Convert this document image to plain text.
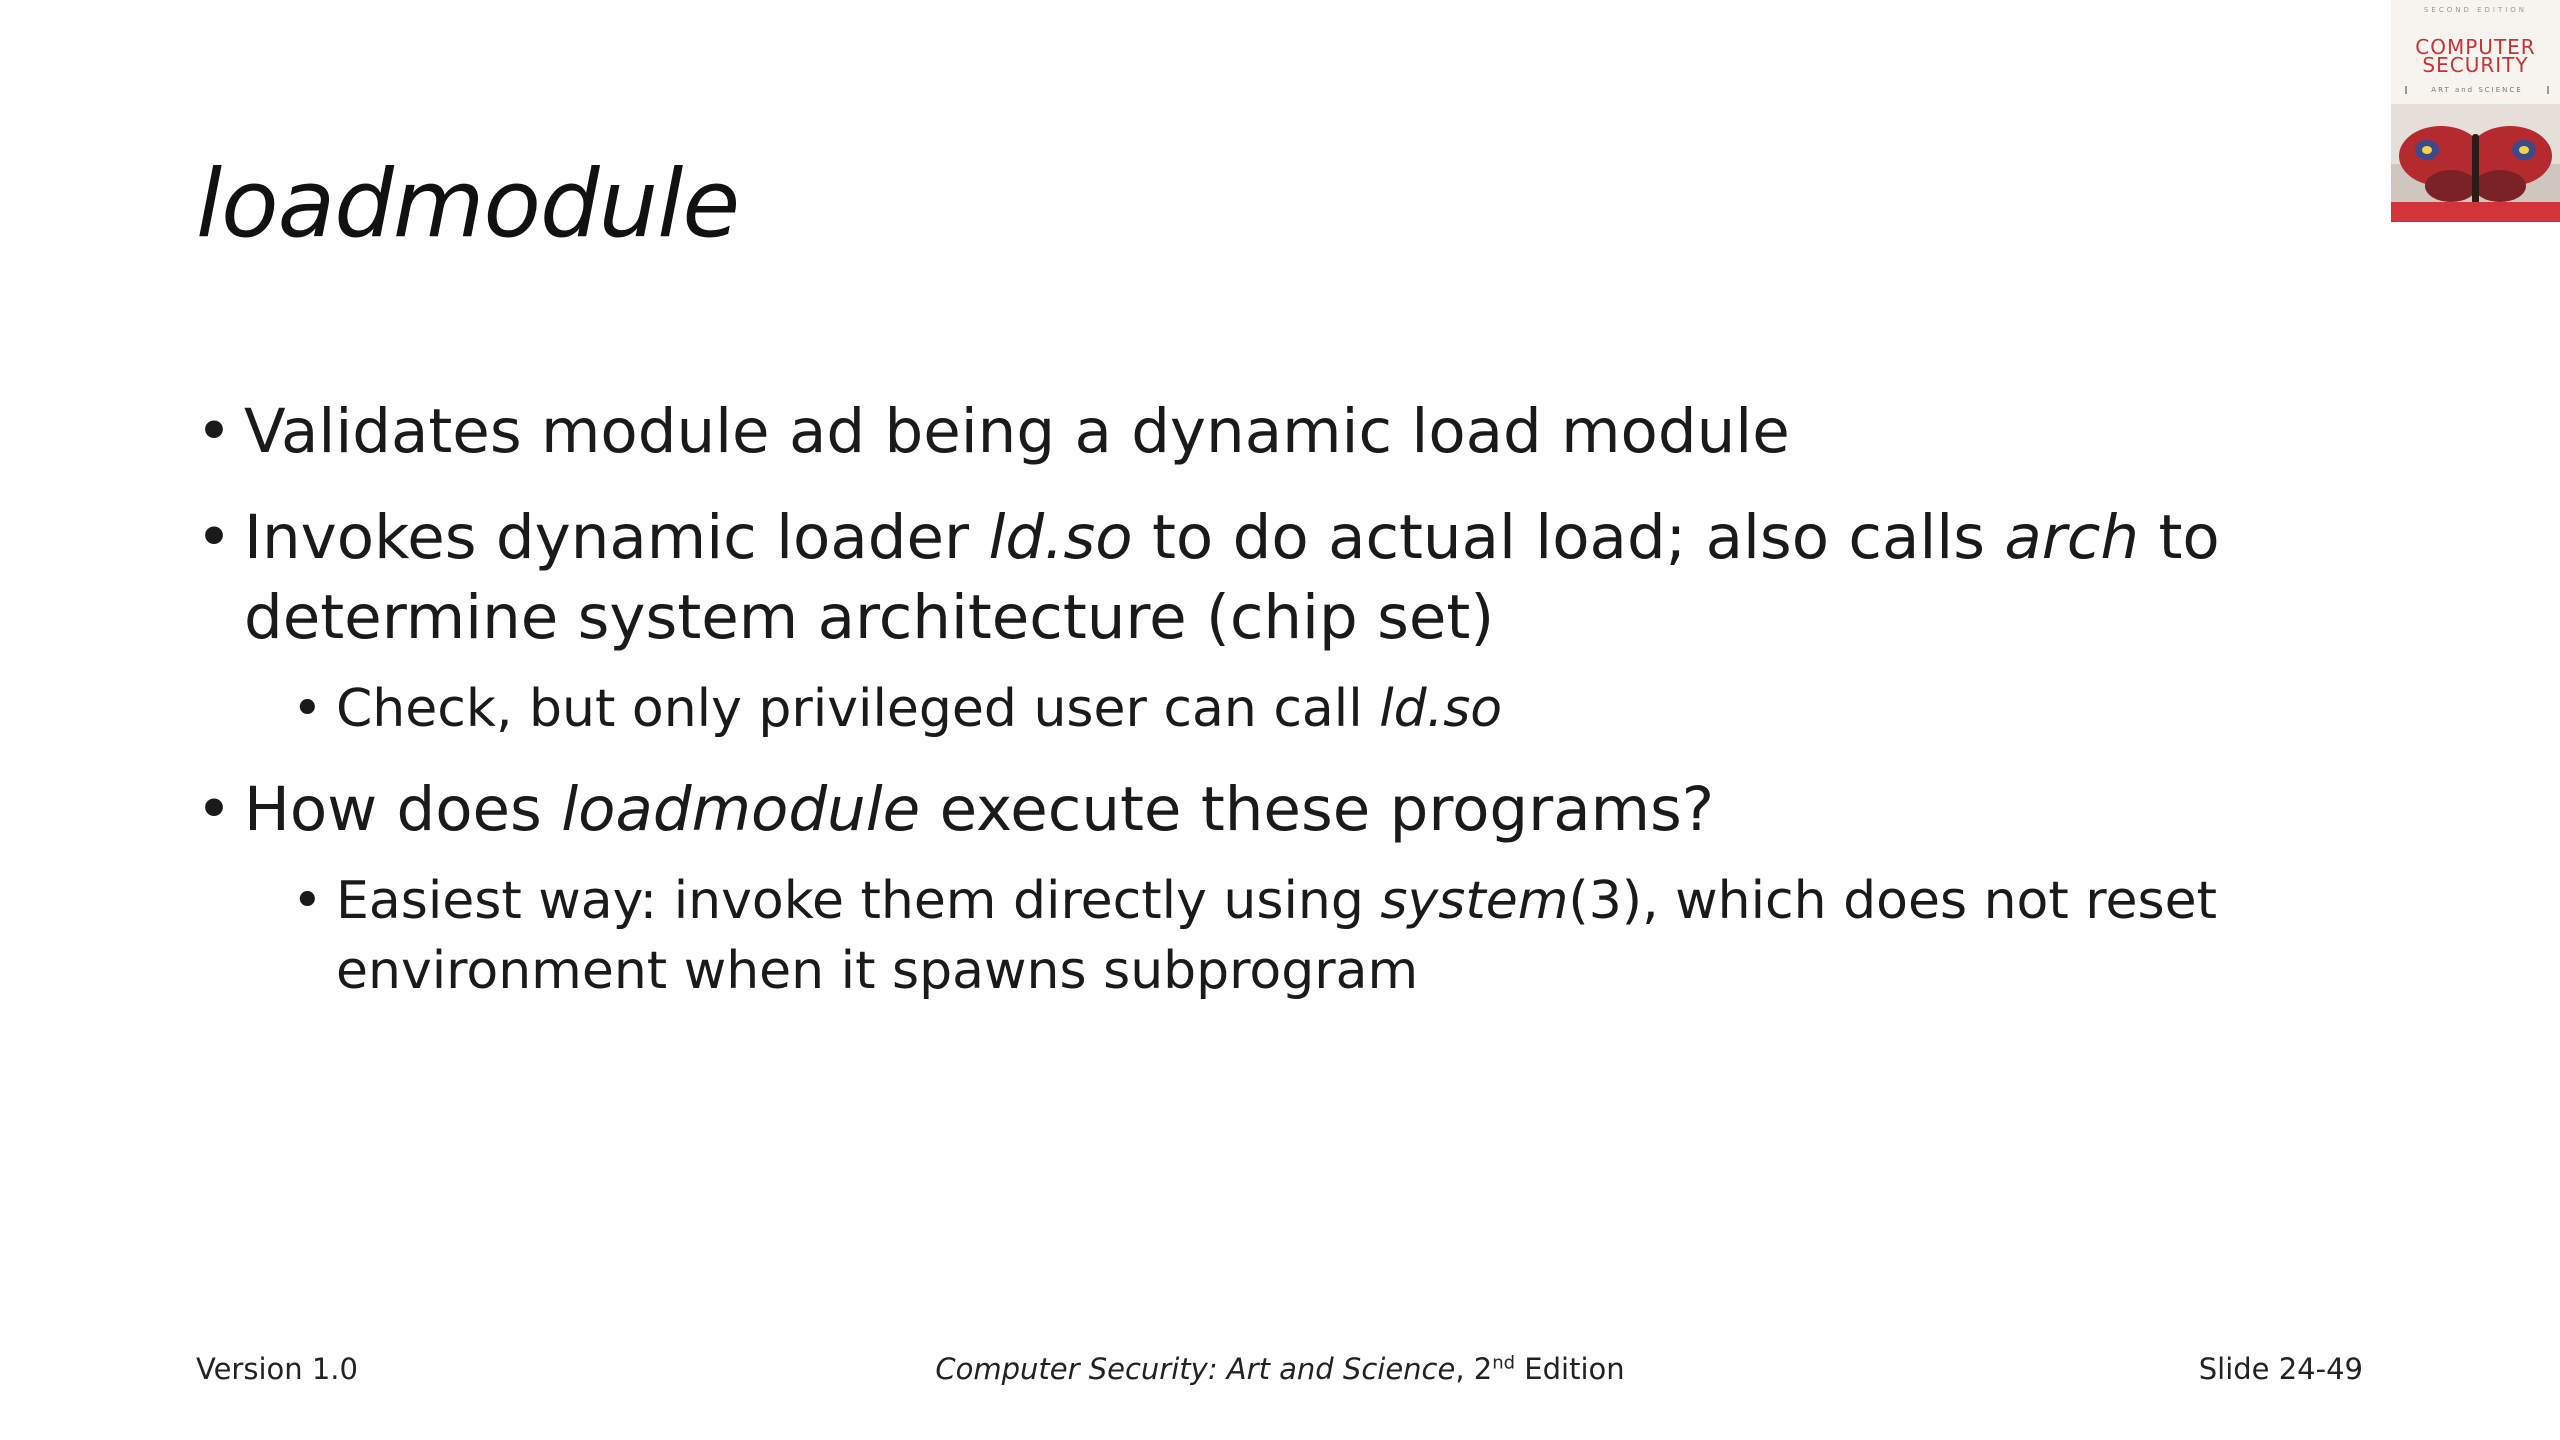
loadmodule

• Validates module ad being a dynamic load module

• Invokes dynamic loader ld.so to do actual load; also calls arch to determine system architecture (chip set)

• Check, but only privileged user can call ld.so

• How does loadmodule execute these programs?

• Easiest way: invoke them directly using system(3), which does not reset environment when it spawns subprogram

Version 1.0	Computer Security: Art and Science, 2nd Edition	Slide 24-49
SECOND EDITION
COMPUTER
SECURITY
ART and SCIENCE
